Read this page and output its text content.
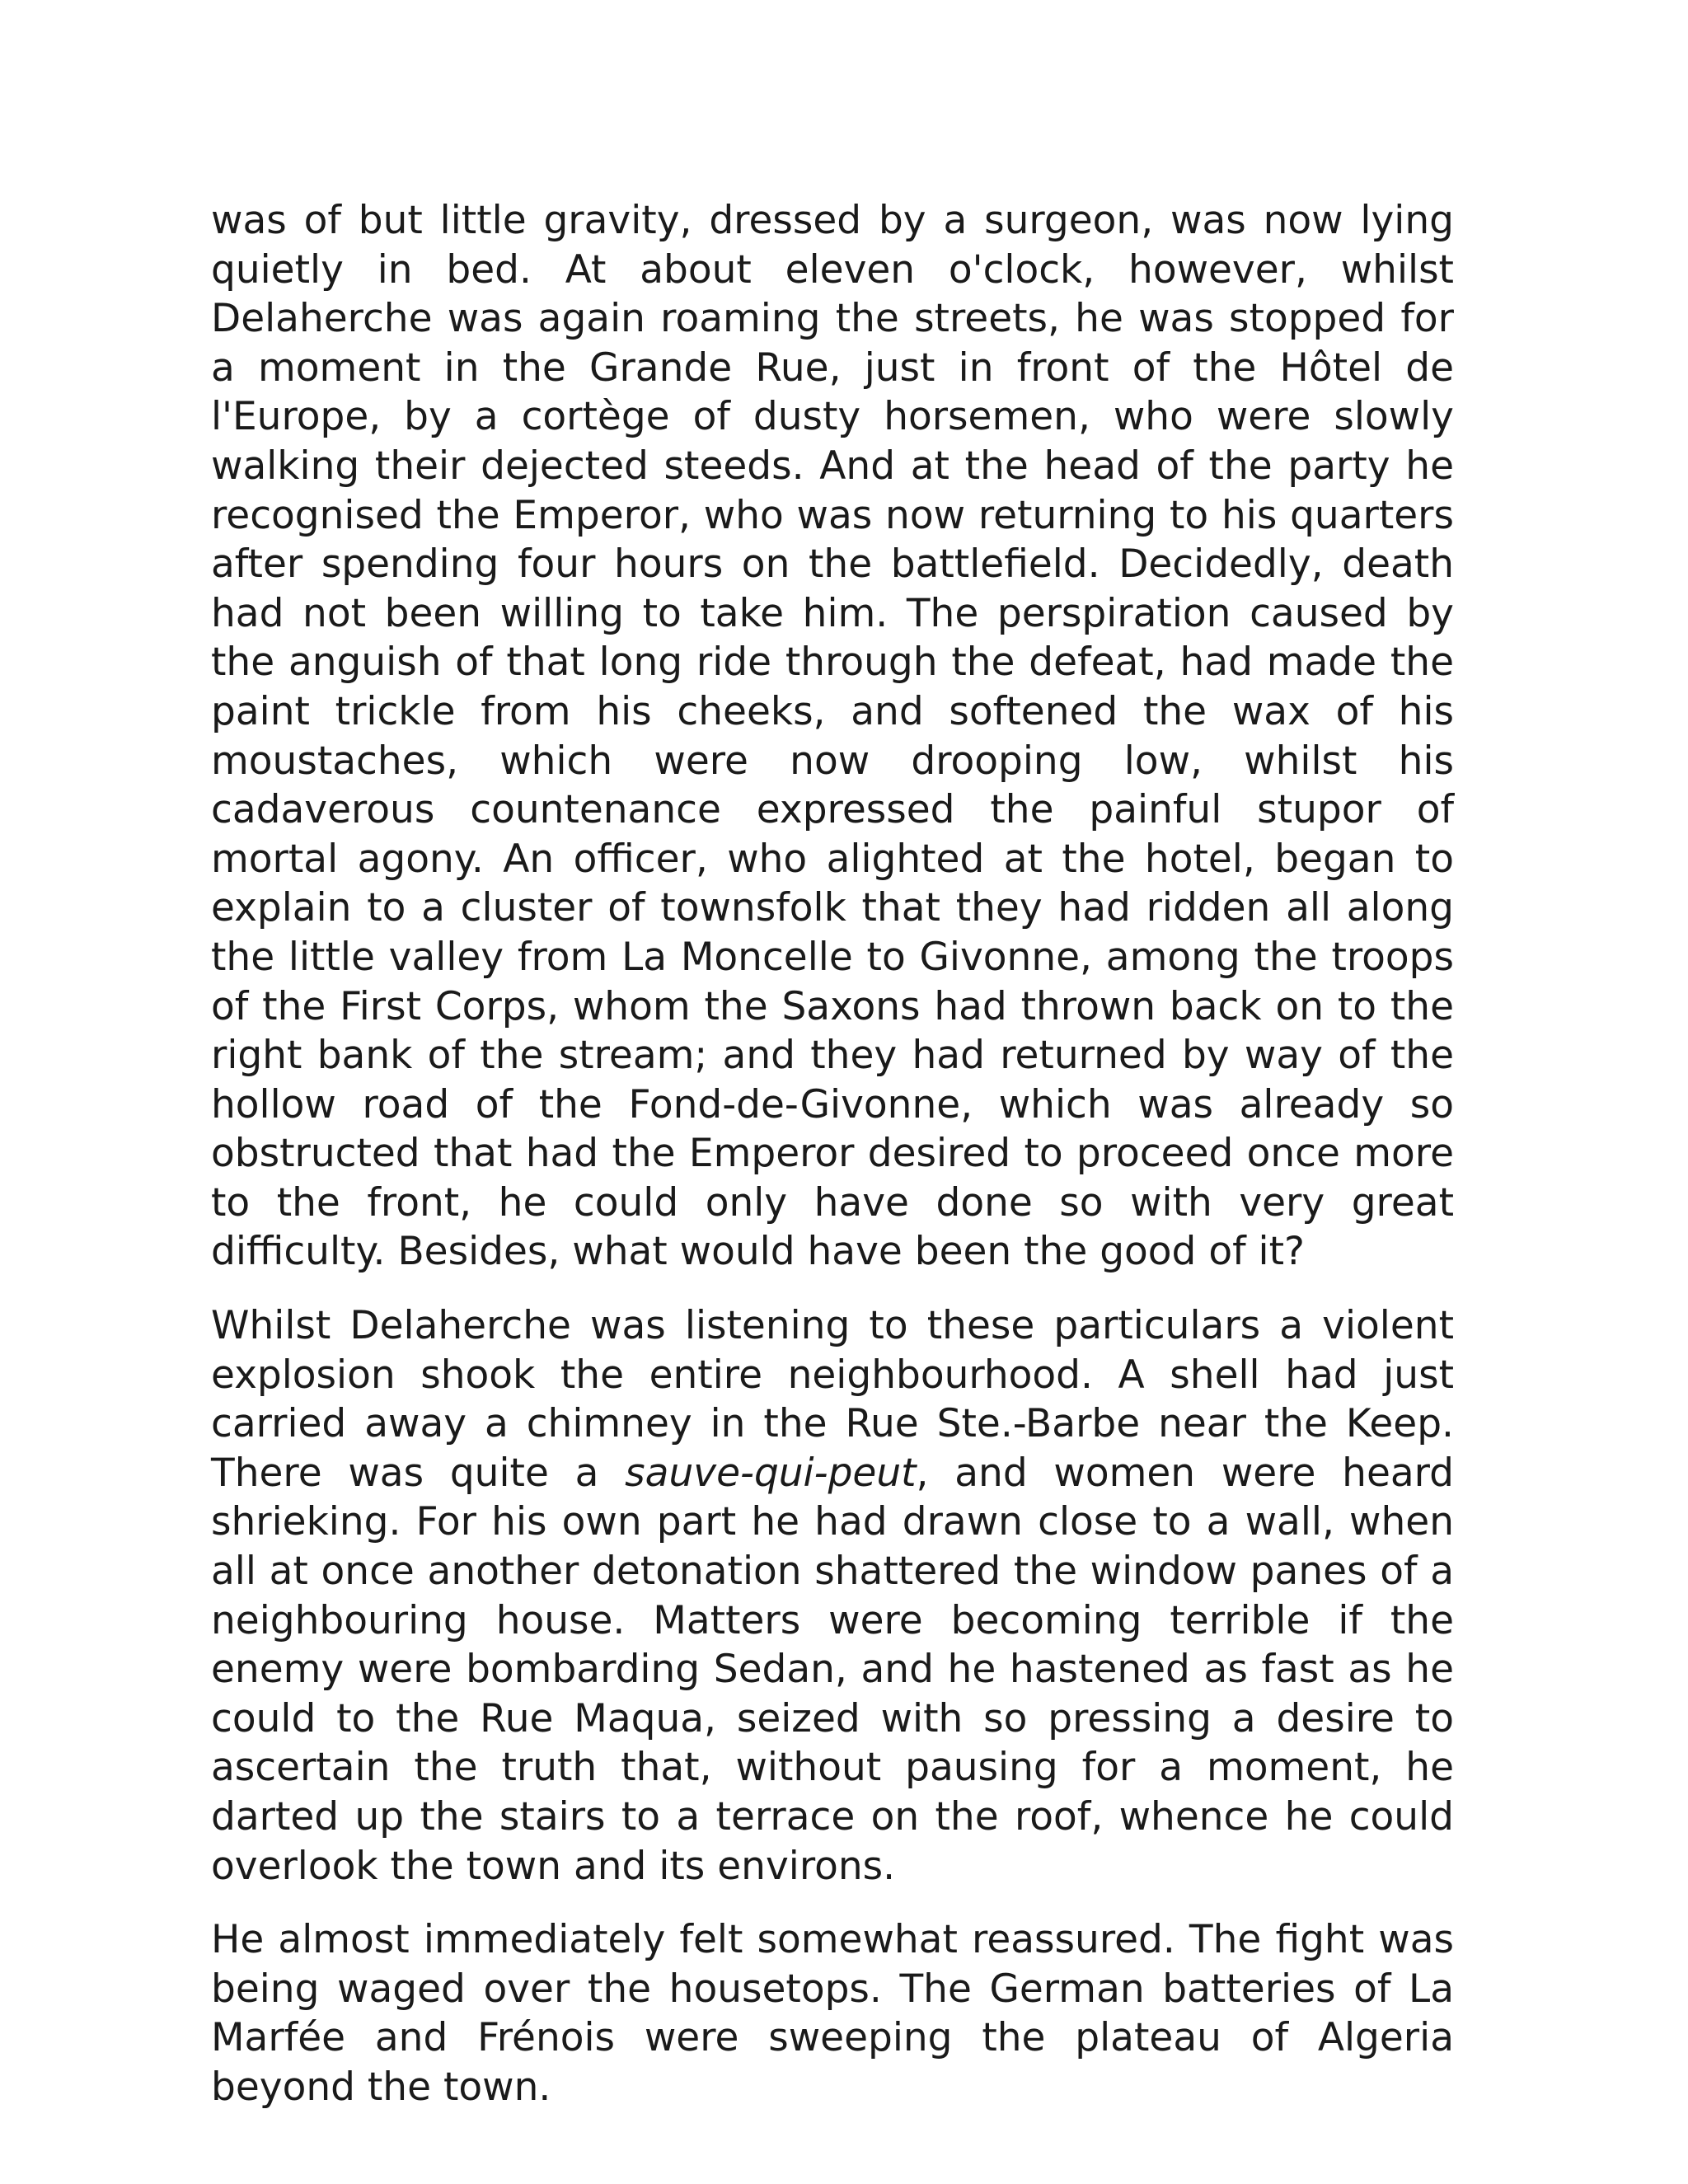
was of but little gravity, dressed by a surgeon, was now lying quietly in bed. At about eleven o'clock, however, whilst Delaherche was again roaming the streets, he was stopped for a moment in the Grande Rue, just in front of the Hôtel de l'Europe, by a cortège of dusty horsemen, who were slowly walking their dejected steeds. And at the head of the party he recognised the Emperor, who was now returning to his quarters after spending four hours on the battlefield. Decidedly, death had not been willing to take him. The perspiration caused by the anguish of that long ride through the defeat, had made the paint trickle from his cheeks, and softened the wax of his moustaches, which were now drooping low, whilst his cadaverous countenance expressed the painful stupor of mortal agony. An officer, who alighted at the hotel, began to explain to a cluster of townsfolk that they had ridden all along the little valley from La Moncelle to Givonne, among the troops of the First Corps, whom the Saxons had thrown back on to the right bank of the stream; and they had returned by way of the hollow road of the Fond-de-Givonne, which was already so obstructed that had the Emperor desired to proceed once more to the front, he could only have done so with very great difficulty. Besides, what would have been the good of it?

Whilst Delaherche was listening to these particulars a violent explosion shook the entire neighbourhood. A shell had just carried away a chimney in the Rue Ste.-Barbe near the Keep. There was quite a sauve-qui-peut, and women were heard shrieking. For his own part he had drawn close to a wall, when all at once another detonation shattered the window panes of a neighbouring house. Matters were becoming terrible if the enemy were bombarding Sedan, and he hastened as fast as he could to the Rue Maqua, seized with so pressing a desire to ascertain the truth that, without pausing for a moment, he darted up the stairs to a terrace on the roof, whence he could overlook the town and its environs.

He almost immediately felt somewhat reassured. The fight was being waged over the housetops. The German batteries of La Marfée and Frénois were sweeping the plateau of Algeria beyond the town.
